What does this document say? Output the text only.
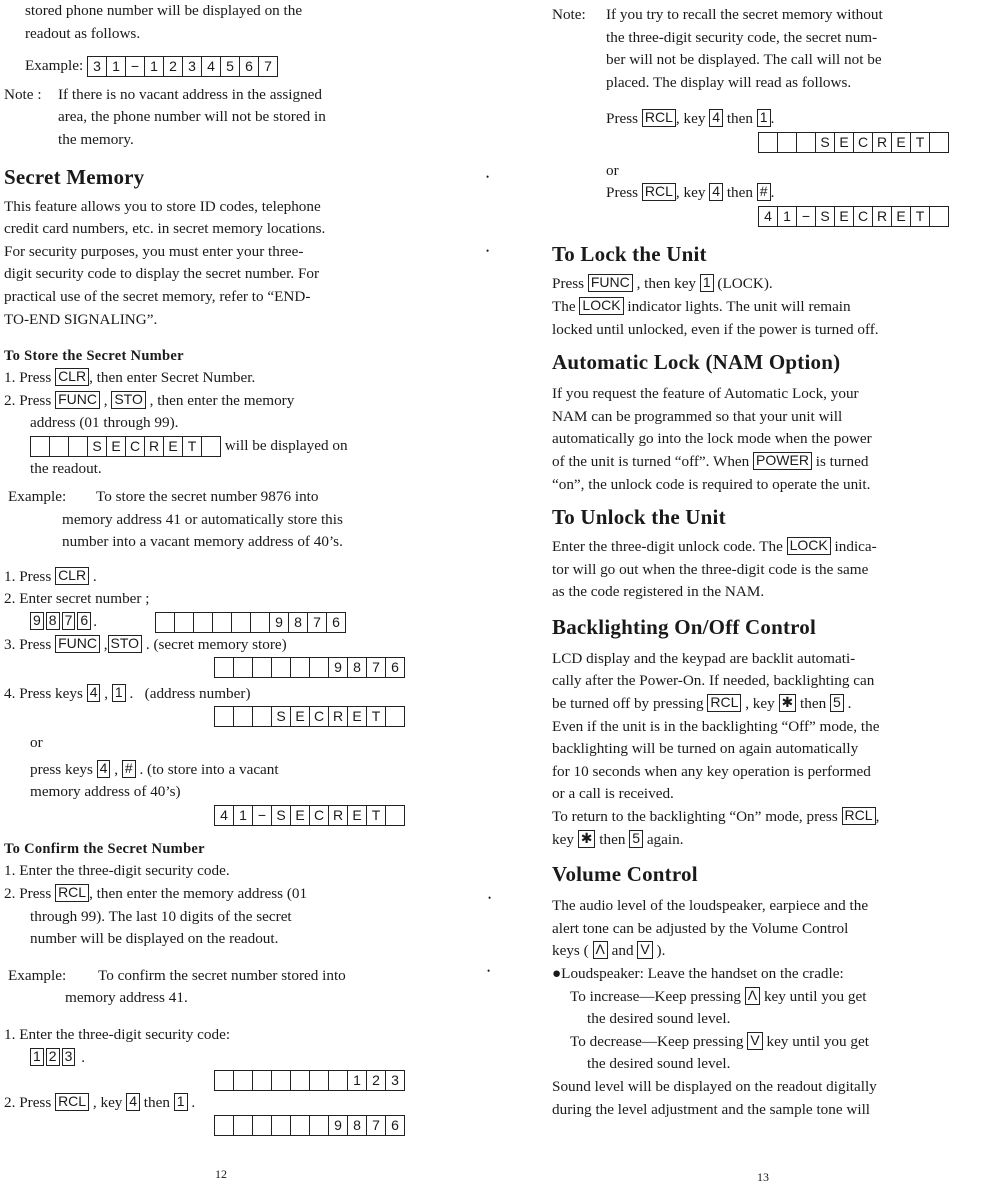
stored phone number will be displayed on the

readout as follows.

Example: 3 1 − 1 2 3 4 5 6 7

Note : If there is no vacant address in the assigned

area, the phone number will not be stored in

the memory.

Secret Memory

This feature allows you to store ID codes, telephone

credit card numbers, etc. in secret memory locations.

For security purposes, you must enter your three-

digit security code to display the secret number. For

practical use of the secret memory, refer to “END-

TO-END SIGNALING”.

To Store the Secret Number

1. Press CLR , then enter Secret Number.

2. Press FUNC , STO , then enter the memory

address (01 through 99).

S E C R E T	will be displayed on

the readout.

Example: To store the secret number 9876 into

memory address 41 or automatically store this

number into a vacant memory address of 40’s.

1. Press CLR .

2. Enter secret number ;

9 8 7 6 .	9 8 7 6

3. Press FUNC , STO . (secret memory store)

9 8 7 6

4. Press keys 4 , 1 . (address number)

S E C R E T

or

press keys 4 , # . (to store into a vacant

memory address of 40’s)

4 1 − S E C R E T

To Confirm the Secret Number

1. Enter the three-digit security code.

2. Press RCL , then enter the memory address (01

through 99). The last 10 digits of the secret

number will be displayed on the readout.

Example: To confirm the secret number stored into

memory address 41.

1. Enter the three-digit security code:

1 2 3 .

1 2 3

2. Press RCL , key 4 then 1 .

9 8 7 6

12
•
•
•
•
Note: If you try to recall the secret memory without

the three-digit security code, the secret num-

ber will not be displayed. The call will not be

placed. The display will read as follows.

Press RCL , key 4 then 1 .

S E C R E T

or

Press RCL , key 4 then # .

4 1 − S E C R E T

To Lock the Unit

Press FUNC , then key 1 (LOCK).

The LOCK indicator lights. The unit will remain

locked until unlocked, even if the power is turned off.

Automatic Lock (NAM Option)

If you request the feature of Automatic Lock, your

NAM can be programmed so that your unit will

automatically go into the lock mode when the power

of the unit is turned “off”. When POWER is turned

“on”, the unlock code is required to operate the unit.

To Unlock the Unit

Enter the three-digit unlock code. The LOCK indica-

tor will go out when the three-digit code is the same

as the code registered in the NAM.

Backlighting On/Off Control

LCD display and the keypad are backlit automati-

cally after the Power-On. If needed, backlighting can

be turned off by pressing RCL , key ✱ then 5 .

Even if the unit is in the backlighting “Off” mode, the

backlighting will be turned on again automatically

for 10 seconds when any key operation is performed

or a call is received.

To return to the backlighting “On” mode, press RCL ,

key ✱ then 5 again.

Volume Control

The audio level of the loudspeaker, earpiece and the

alert tone can be adjusted by the Volume Control

keys ( Λ and V ).

●Loudspeaker: Leave the handset on the cradle:

To increase—Keep pressing Λ key until you get

the desired sound level.

To decrease—Keep pressing V key until you get

the desired sound level.

Sound level will be displayed on the readout digitally

during the level adjustment and the sample tone will

13
